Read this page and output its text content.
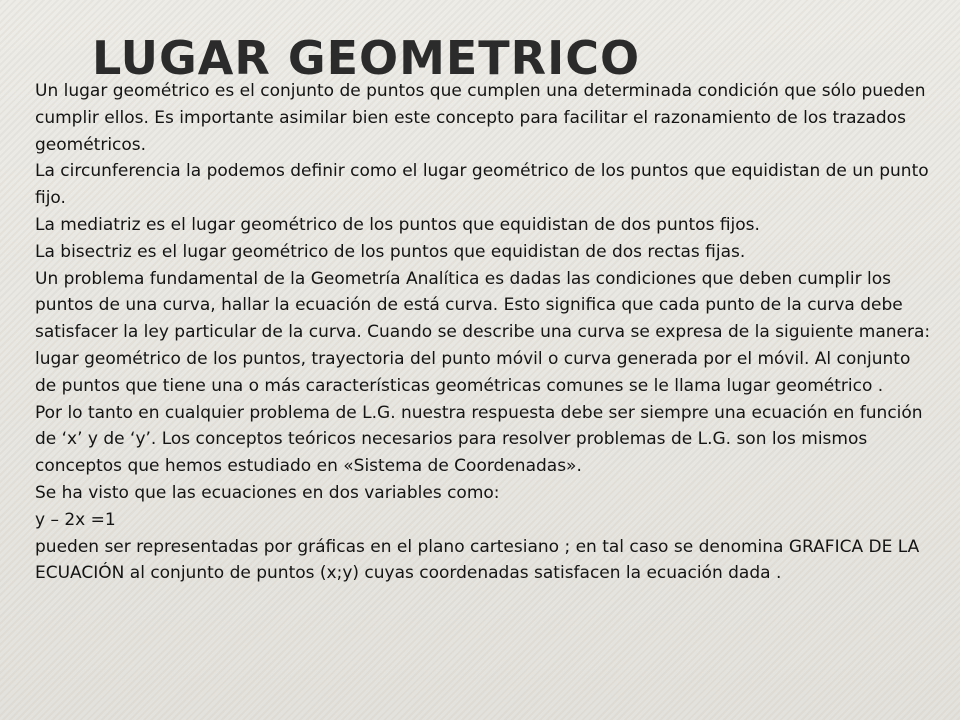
LUGAR GEOMETRICO

Un lugar geométrico es el conjunto de puntos que cumplen una determinada condición que sólo pueden cumplir ellos. Es importante asimilar bien este concepto para facilitar el razonamiento de los trazados geométricos.

La circunferencia la podemos definir como el lugar geométrico de los puntos que equidistan de un punto fijo.

La mediatriz es el lugar geométrico de los puntos que equidistan de dos puntos fijos.

La bisectriz es el lugar geométrico de los puntos que equidistan de dos rectas fijas.

Un problema fundamental de la Geometría Analítica es dadas las condiciones que deben cumplir los puntos de una curva, hallar la ecuación de está curva. Esto significa que cada punto de la curva debe satisfacer la ley particular de la curva. Cuando se describe una curva se expresa de la siguiente manera: lugar geométrico de los puntos, trayectoria del punto móvil o curva generada por el móvil. Al conjunto de puntos que tiene una o más características geométricas comunes se le llama lugar geométrico .

Por lo tanto en cualquier problema de L.G. nuestra respuesta debe ser siempre una ecuación en función de ‘x’ y de ‘y’. Los conceptos teóricos necesarios para resolver problemas de L.G. son los mismos conceptos que hemos estudiado en «Sistema de Coordenadas».

Se ha visto que las ecuaciones en dos variables como:

y – 2x =1

pueden ser representadas por gráficas en el plano cartesiano ; en tal caso se denomina GRAFICA DE LA ECUACIÓN al conjunto de puntos (x;y) cuyas coordenadas satisfacen la ecuación dada .
